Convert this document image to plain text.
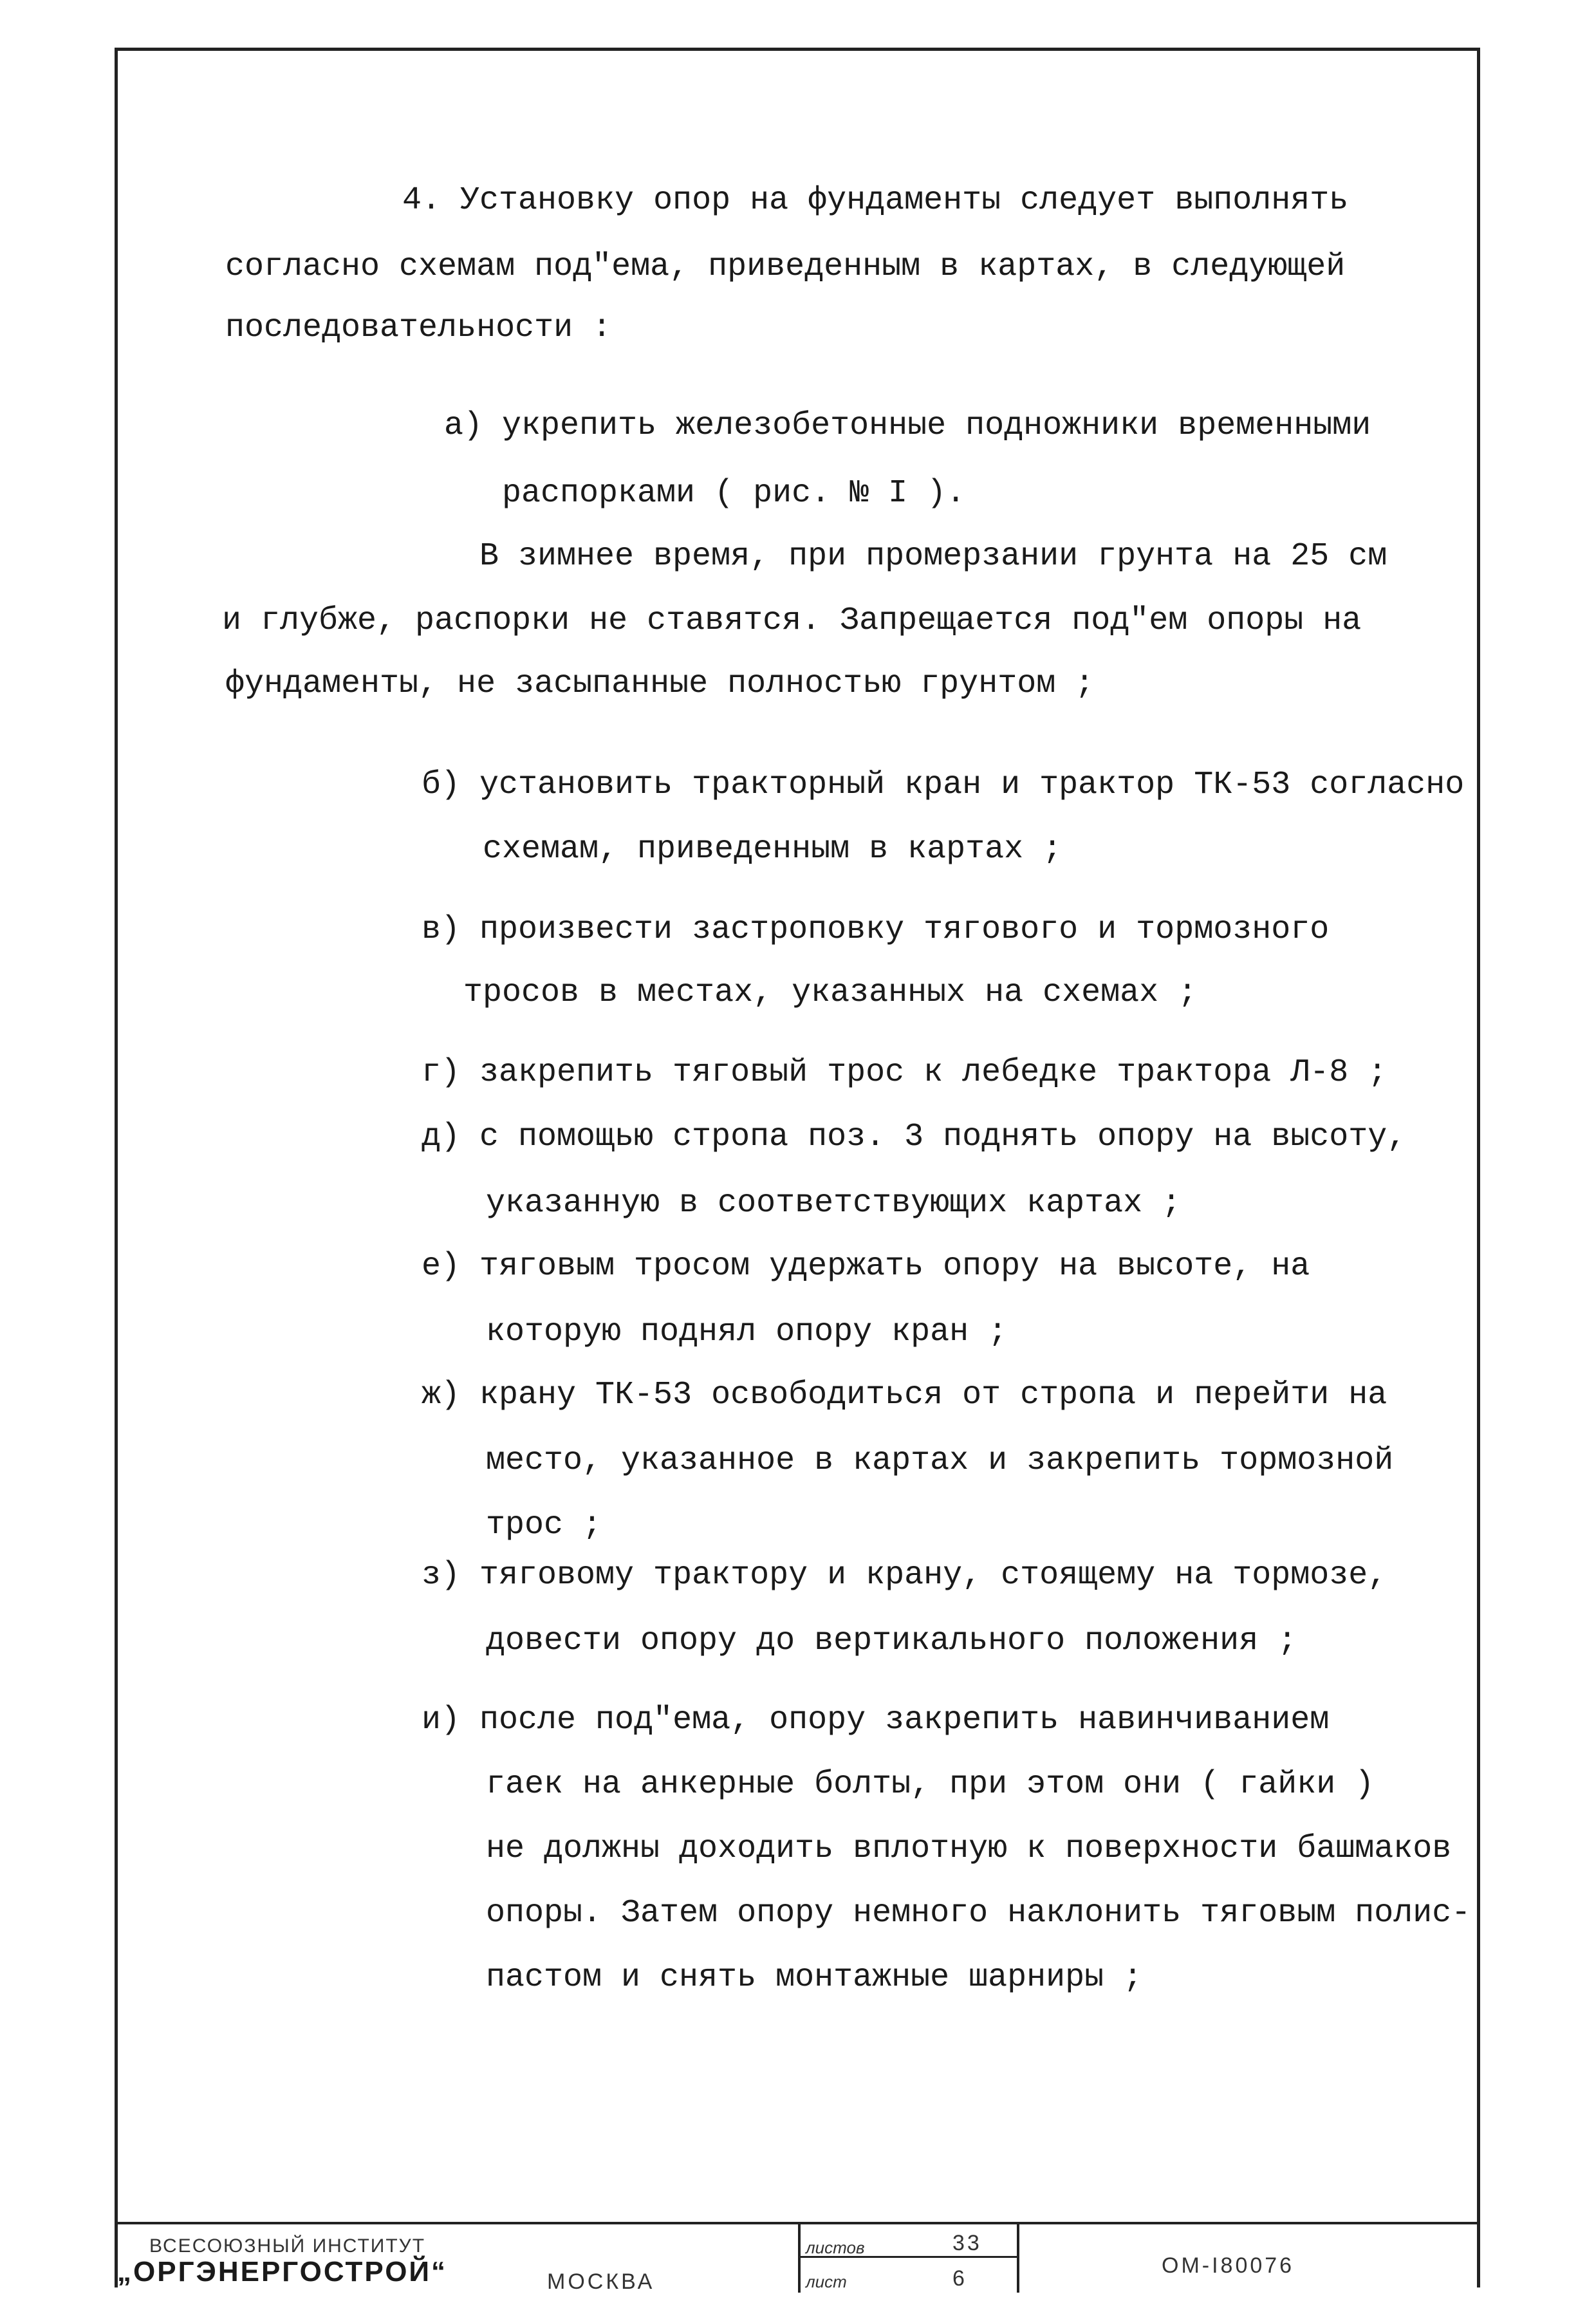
4. Установку опор на фундаменты следует выполнять
согласно схемам под"ема, приведенным в картах, в следующей
последовательности :
а) укрепить железобетонные подножники временными
распорками ( рис. № I ).
В зимнее время, при промерзании грунта на 25 см
и глубже, распорки не ставятся. Запрещается под"ем опоры на
фундаменты, не засыпанные полностью грунтом ;
б) установить тракторный кран и трактор ТК-53 согласно
схемам, приведенным в картах ;
в) произвести застроповку тягового и тормозного
тросов в местах, указанных на схемах ;
г) закрепить тяговый трос к лебедке трактора Л-8 ;
д) с помощью стропа поз. 3 поднять опору на высоту,
указанную в соответствующих картах ;
е) тяговым тросом удержать опору на высоте, на
которую поднял опору кран ;
ж) крану ТК-53 освободиться от стропа и перейти на
место, указанное в картах и закрепить тормозной
трос ;
з) тяговому трактору и крану, стоящему на тормозе,
довести опору до вертикального положения ;
и) после под"ема, опору закрепить навинчиванием
гаек на анкерные болты, при этом они ( гайки )
не должны доходить вплотную к поверхности башмаков
опоры. Затем опору немного наклонить тяговым полис-
пастом и снять монтажные шарниры ;
ВСЕСОЮЗНЫЙ ИНСТИТУТ
„ОРГЭНЕРГОСТРОЙ“	МОСКВА
листов	33
лист	6
ОМ-I80076
